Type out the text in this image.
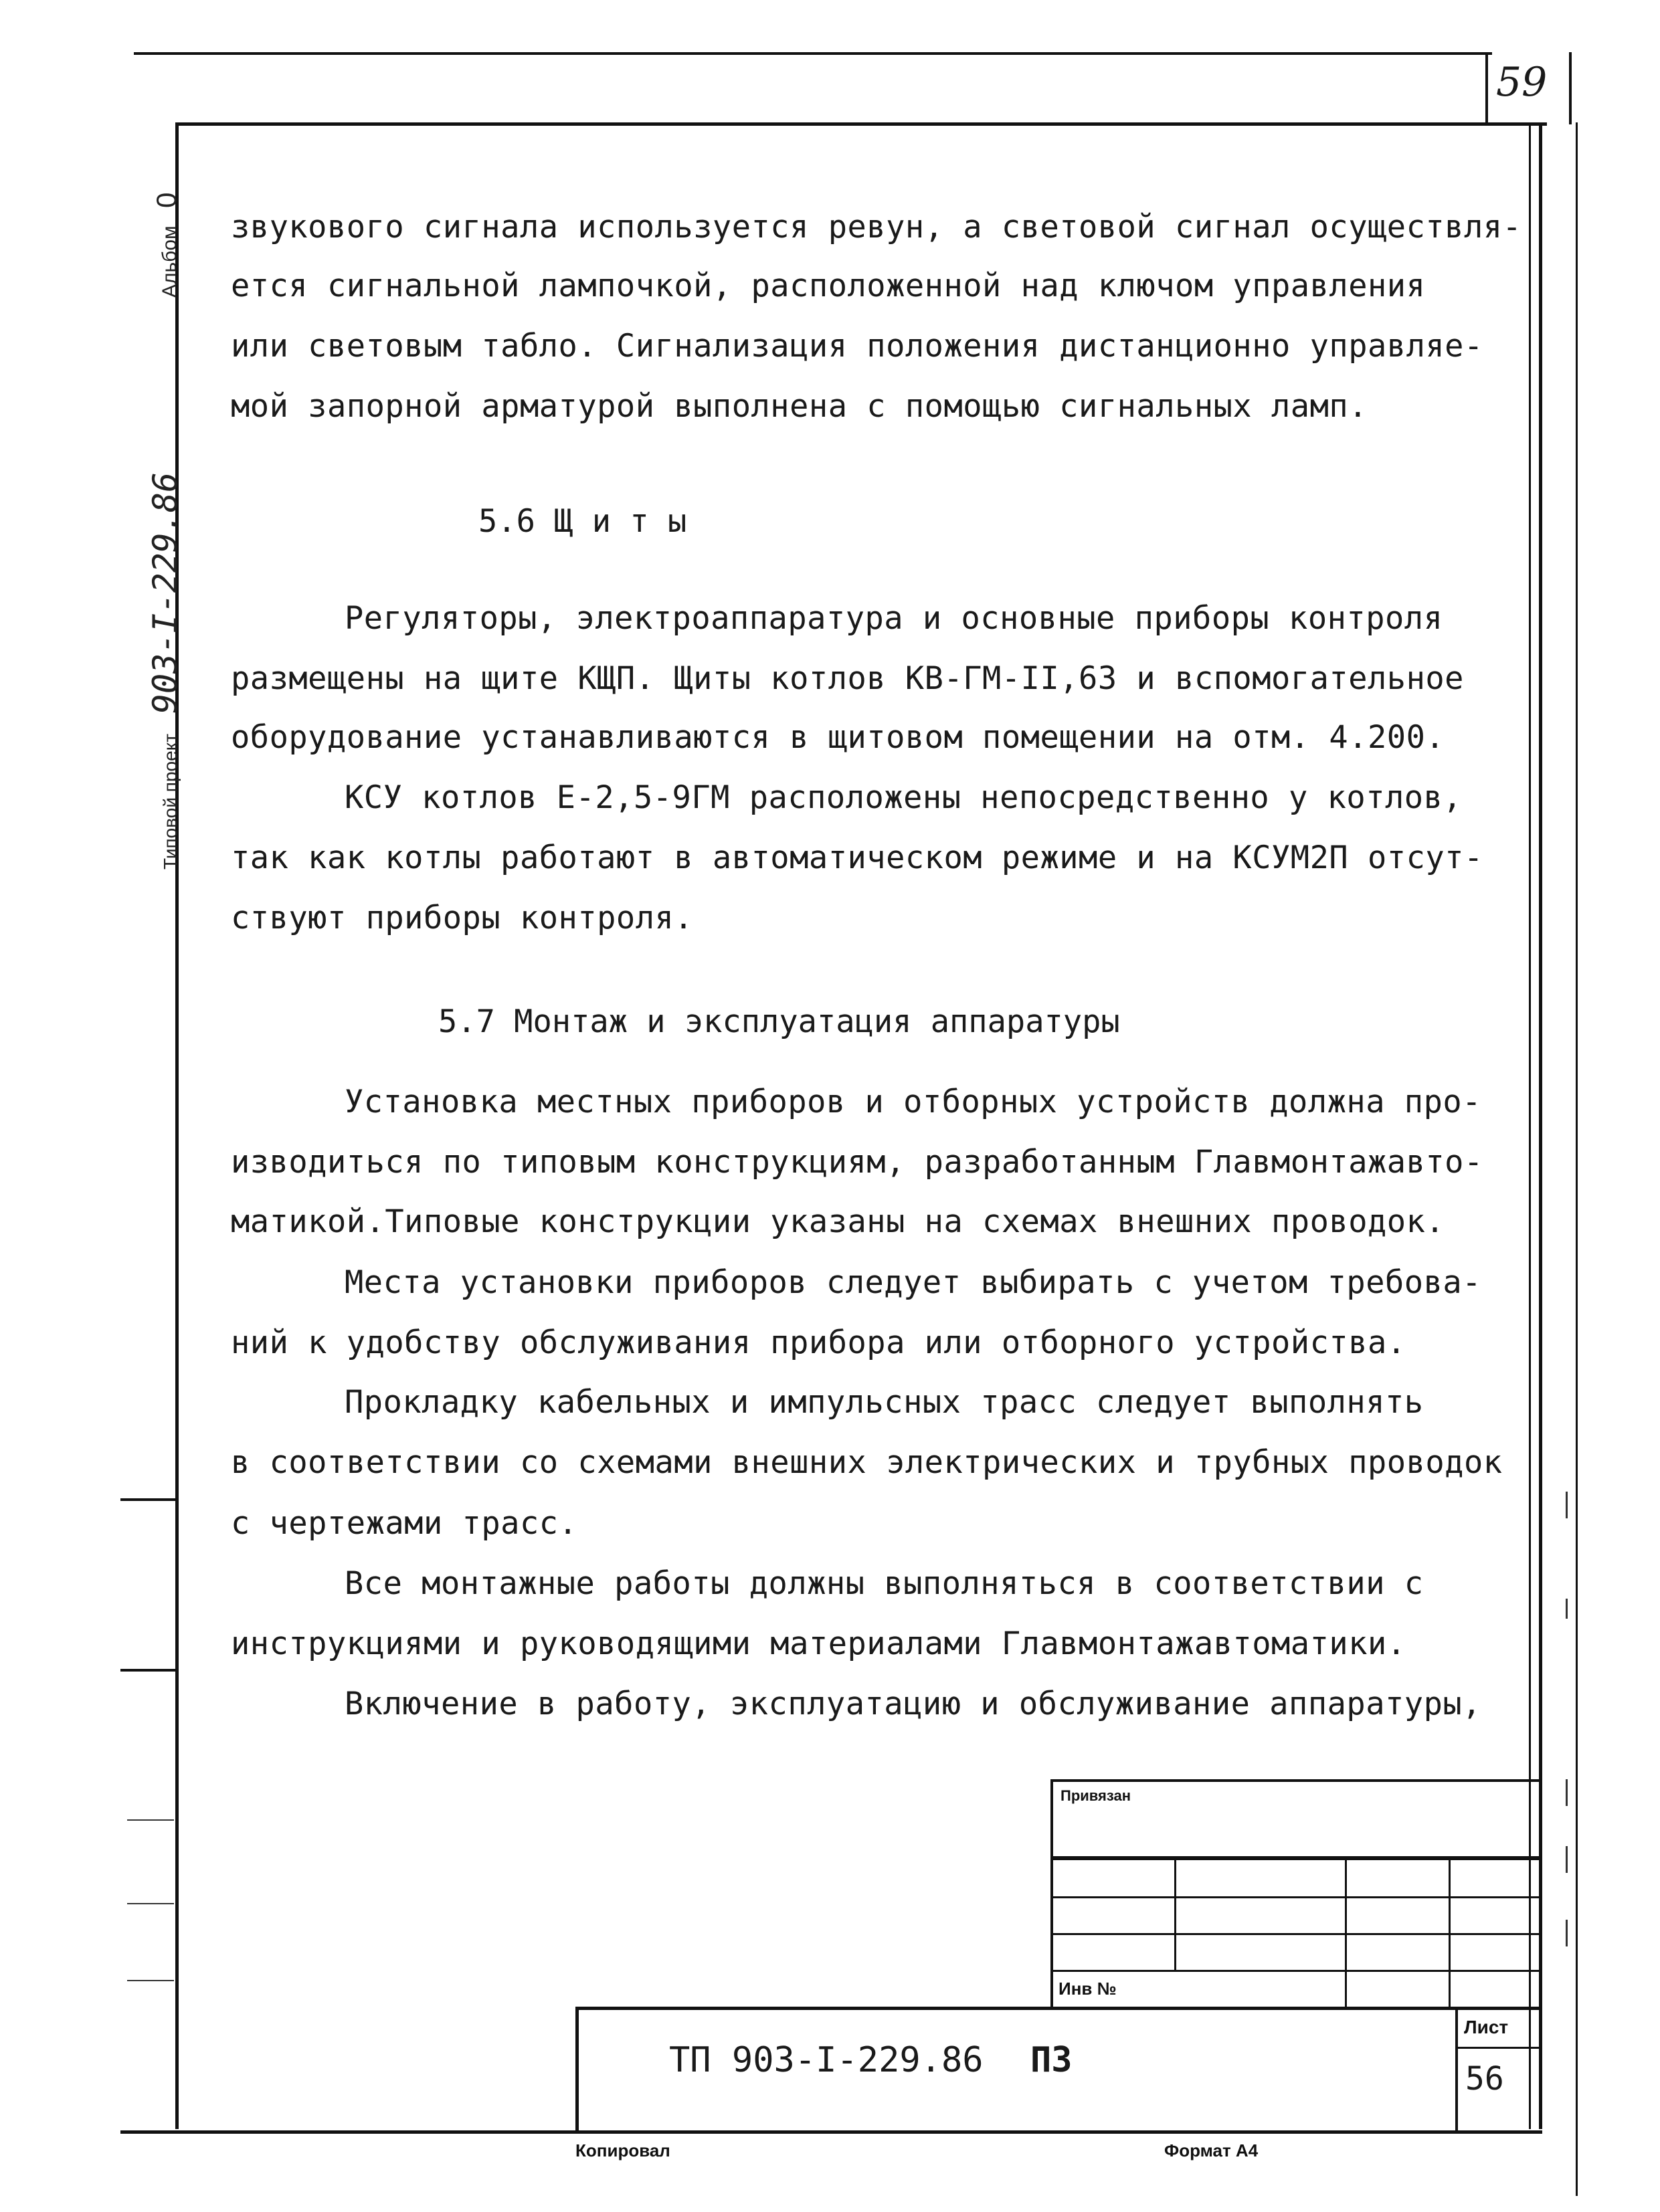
59
Альбом 0
Типовой проект 903-I-229.86
звукового сигнала используется ревун, а световой сигнал осуществля-
ется сигнальной лампочкой, расположенной над ключом управления
или световым табло. Сигнализация положения дистанционно управляе-
мой запорной арматурой выполнена с помощью сигнальных ламп.
5.6 Щ и т ы
Регуляторы, электроаппаратура и основные приборы контроля
размещены на щите КЩП. Щиты котлов КВ-ГМ-II,63 и вспомогательное
оборудование устанавливаются в щитовом помещении на отм. 4.200.
КСУ котлов Е-2,5-9ГМ расположены непосредственно у котлов,
так как котлы работают в автоматическом режиме и на КСУМ2П отсут-
ствуют приборы контроля.
5.7 Монтаж и эксплуатация аппаратуры
Установка местных приборов и отборных устройств должна про-
изводиться по типовым конструкциям, разработанным Главмонтажавто-
матикой.Типовые конструкции указаны на схемах внешних проводок.
Места установки приборов следует выбирать с учетом требова-
ний к удобству обслуживания прибора или отборного устройства.
Прокладку кабельных и импульсных трасс следует выполнять
в соответствии со схемами внешних электрических и трубных проводок
с чертежами трасс.
Все монтажные работы должны выполняться в соответствии с
инструкциями и руководящими материалами Главмонтажавтоматики.
Включение в работу, эксплуатацию и обслуживание аппаратуры,
Привязан
Инв №
ТП 903-I-229.86 ПЗ
Лист
56
Копировал	Формат А4
